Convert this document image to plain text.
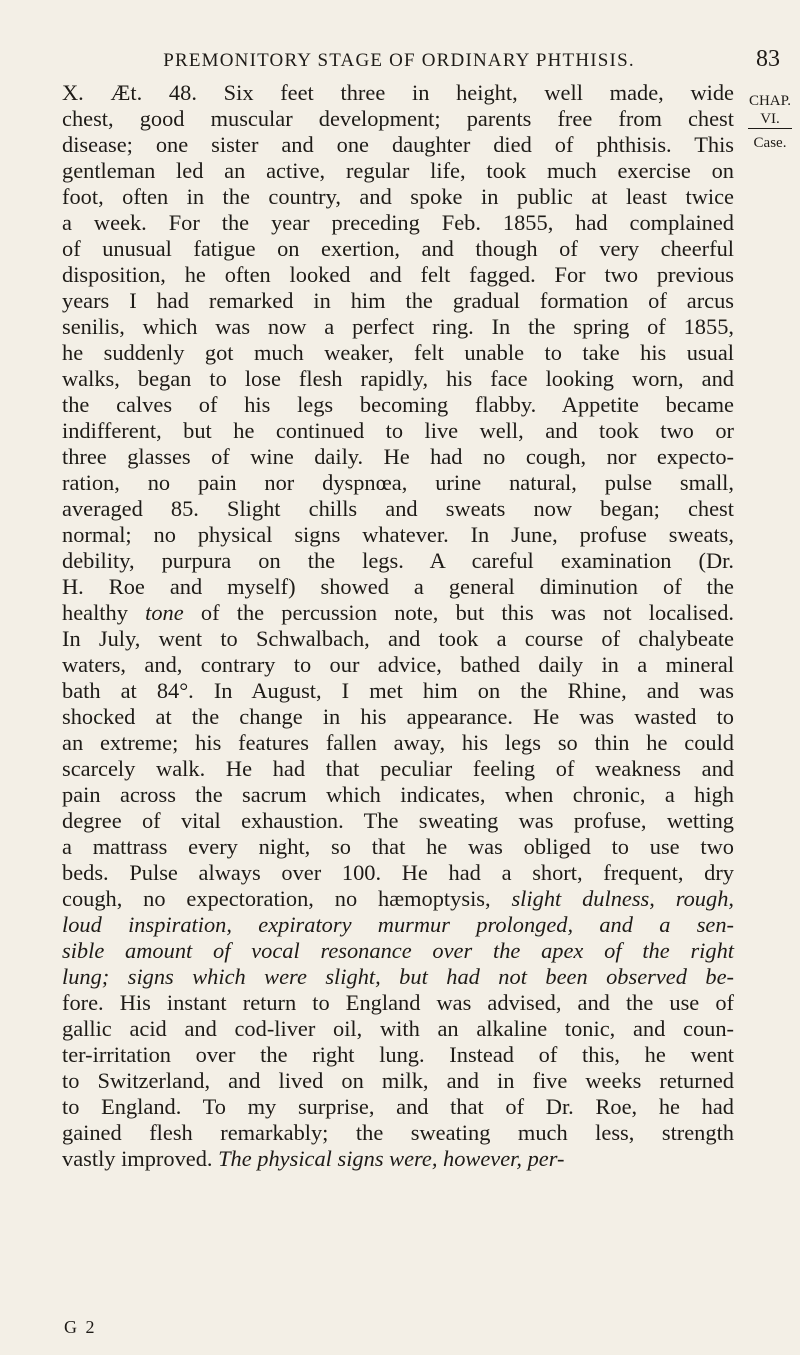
PREMONITORY STAGE OF ORDINARY PHTHISIS.	83
CHAP.
VI.
Case.
X. Æt. 48. Six feet three in height, well made, wide
chest, good muscular development; parents free from chest
disease; one sister and one daughter died of phthisis. This
gentleman led an active, regular life, took much exercise on
foot, often in the country, and spoke in public at least twice
a week. For the year preceding Feb. 1855, had complained
of unusual fatigue on exertion, and though of very cheerful
disposition, he often looked and felt fagged. For two previous
years I had remarked in him the gradual formation of arcus
senilis, which was now a perfect ring. In the spring of 1855,
he suddenly got much weaker, felt unable to take his usual
walks, began to lose flesh rapidly, his face looking worn, and
the calves of his legs becoming flabby. Appetite became
indifferent, but he continued to live well, and took two or
three glasses of wine daily. He had no cough, nor expecto-
ration, no pain nor dyspnœa, urine natural, pulse small,
averaged 85. Slight chills and sweats now began; chest
normal; no physical signs whatever. In June, profuse sweats,
debility, purpura on the legs. A careful examination (Dr.
H. Roe and myself) showed a general diminution of the
healthy tone of the percussion note, but this was not localised.
In July, went to Schwalbach, and took a course of chalybeate
waters, and, contrary to our advice, bathed daily in a mineral
bath at 84°. In August, I met him on the Rhine, and was
shocked at the change in his appearance. He was wasted to
an extreme; his features fallen away, his legs so thin he could
scarcely walk. He had that peculiar feeling of weakness and
pain across the sacrum which indicates, when chronic, a high
degree of vital exhaustion. The sweating was profuse, wetting
a mattrass every night, so that he was obliged to use two
beds. Pulse always over 100. He had a short, frequent, dry
cough, no expectoration, no hæmoptysis, slight dulness, rough,
loud inspiration, expiratory murmur prolonged, and a sen-
sible amount of vocal resonance over the apex of the right
lung; signs which were slight, but had not been observed be-
fore. His instant return to England was advised, and the use of
gallic acid and cod-liver oil, with an alkaline tonic, and coun-
ter-irritation over the right lung. Instead of this, he went
to Switzerland, and lived on milk, and in five weeks returned
to England. To my surprise, and that of Dr. Roe, he had
gained flesh remarkably; the sweating much less, strength
vastly improved. The physical signs were, however, per-
G 2
